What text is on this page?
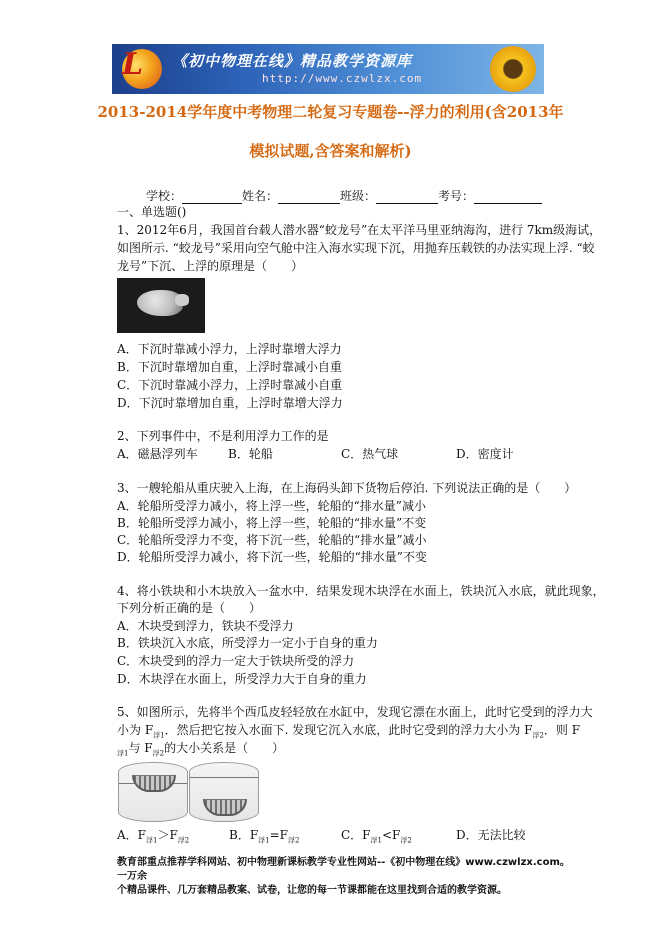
L 《初中物理在线》精品教学资源库
http://www.czwlzx.com
2013-2014学年度中考物理二轮复习专题卷--浮力的利用(含2013年
模拟试题,含答案和解析)
学校：	姓名：	班级：	考号：
一、单选题()
1、2012年6月，我国首台载人潜水器“蛟龙号”在太平洋马里亚纳海沟，进行 7km级海试，
如图所示. “蛟龙号”采用向空气舱中注入海水实现下沉，用抛弃压载铁的办法实现上浮. “蛟
龙号”下沉、上浮的原理是（　　）
A．下沉时靠减小浮力，上浮时靠增大浮力
B．下沉时靠增加自重，上浮时靠减小自重
C．下沉时靠减小浮力，上浮时靠减小自重
D．下沉时靠增加自重，上浮时靠增大浮力
2、下列事件中，不是利用浮力工作的是
A．磁悬浮列车	B．轮船	C．热气球	D．密度计
3、一艘轮船从重庆驶入上海，在上海码头卸下货物后停泊. 下列说法正确的是（　　）
A．轮船所受浮力减小，将上浮一些，轮船的“排水量”减小
B．轮船所受浮力减小，将上浮一些，轮船的“排水量”不变
C．轮船所受浮力不变，将下沉一些，轮船的“排水量”减小
D．轮船所受浮力减小，将下沉一些，轮船的“排水量”不变
4、将小铁块和小木块放入一盆水中．结果发现木块浮在水面上，铁块沉入水底，就此现象，
下列分析正确的是（　　）
A．木块受到浮力，铁块不受浮力
B．铁块沉入水底，所受浮力一定小于自身的重力
C．木块受到的浮力一定大于铁块所受的浮力
D．木块浮在水面上，所受浮力大于自身的重力
5、如图所示，先将半个西瓜皮轻轻放在水缸中，发现它漂在水面上，此时它受到的浮力大
小为 $F_{浮1}$．然后把它按入水面下. 发现它沉入水底，此时它受到的浮力大小为 $F_{浮2}$．则 F
$_{浮1}$与 $F_{浮2}$的大小关系是（　　）
A．$F_{浮1}>F_{浮2}$	B．$F_{浮1}=F_{浮2}$	C．$F_{浮1}<F_{浮2}$	D．无法比较
教育部重点推荐学科网站、初中物理新课标教学专业性网站--《初中物理在线》www.czwlzx.com。一万余
个精品课件、几万套精品教案、试卷，让您的每一节课都能在这里找到合适的教学资源。
